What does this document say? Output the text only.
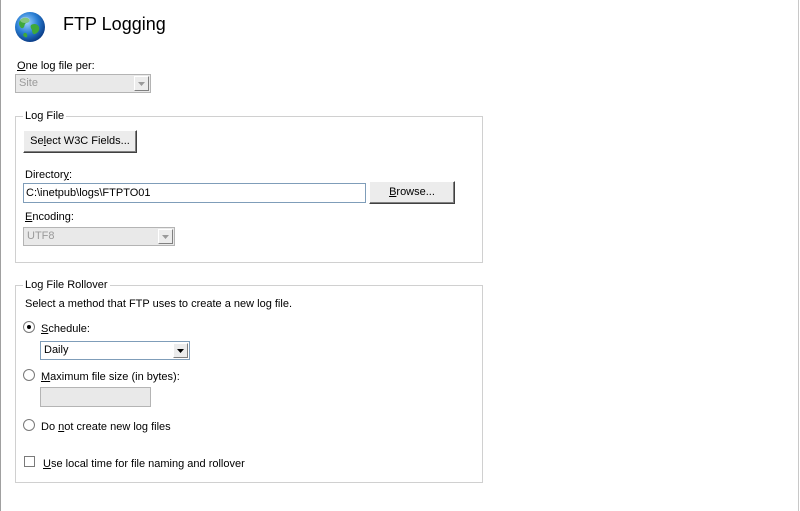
FTP Logging
One log file per:
Site
Log File
Select W3C Fields...
Directory:
C:\inetpub\logs\FTPTO01	Browse...
Encoding:
UTF8
Log File Rollover
Select a method that FTP uses to create a new log file.
Schedule:
Daily
Maximum file size (in bytes):
Do not create new log files
Use local time for file naming and rollover
